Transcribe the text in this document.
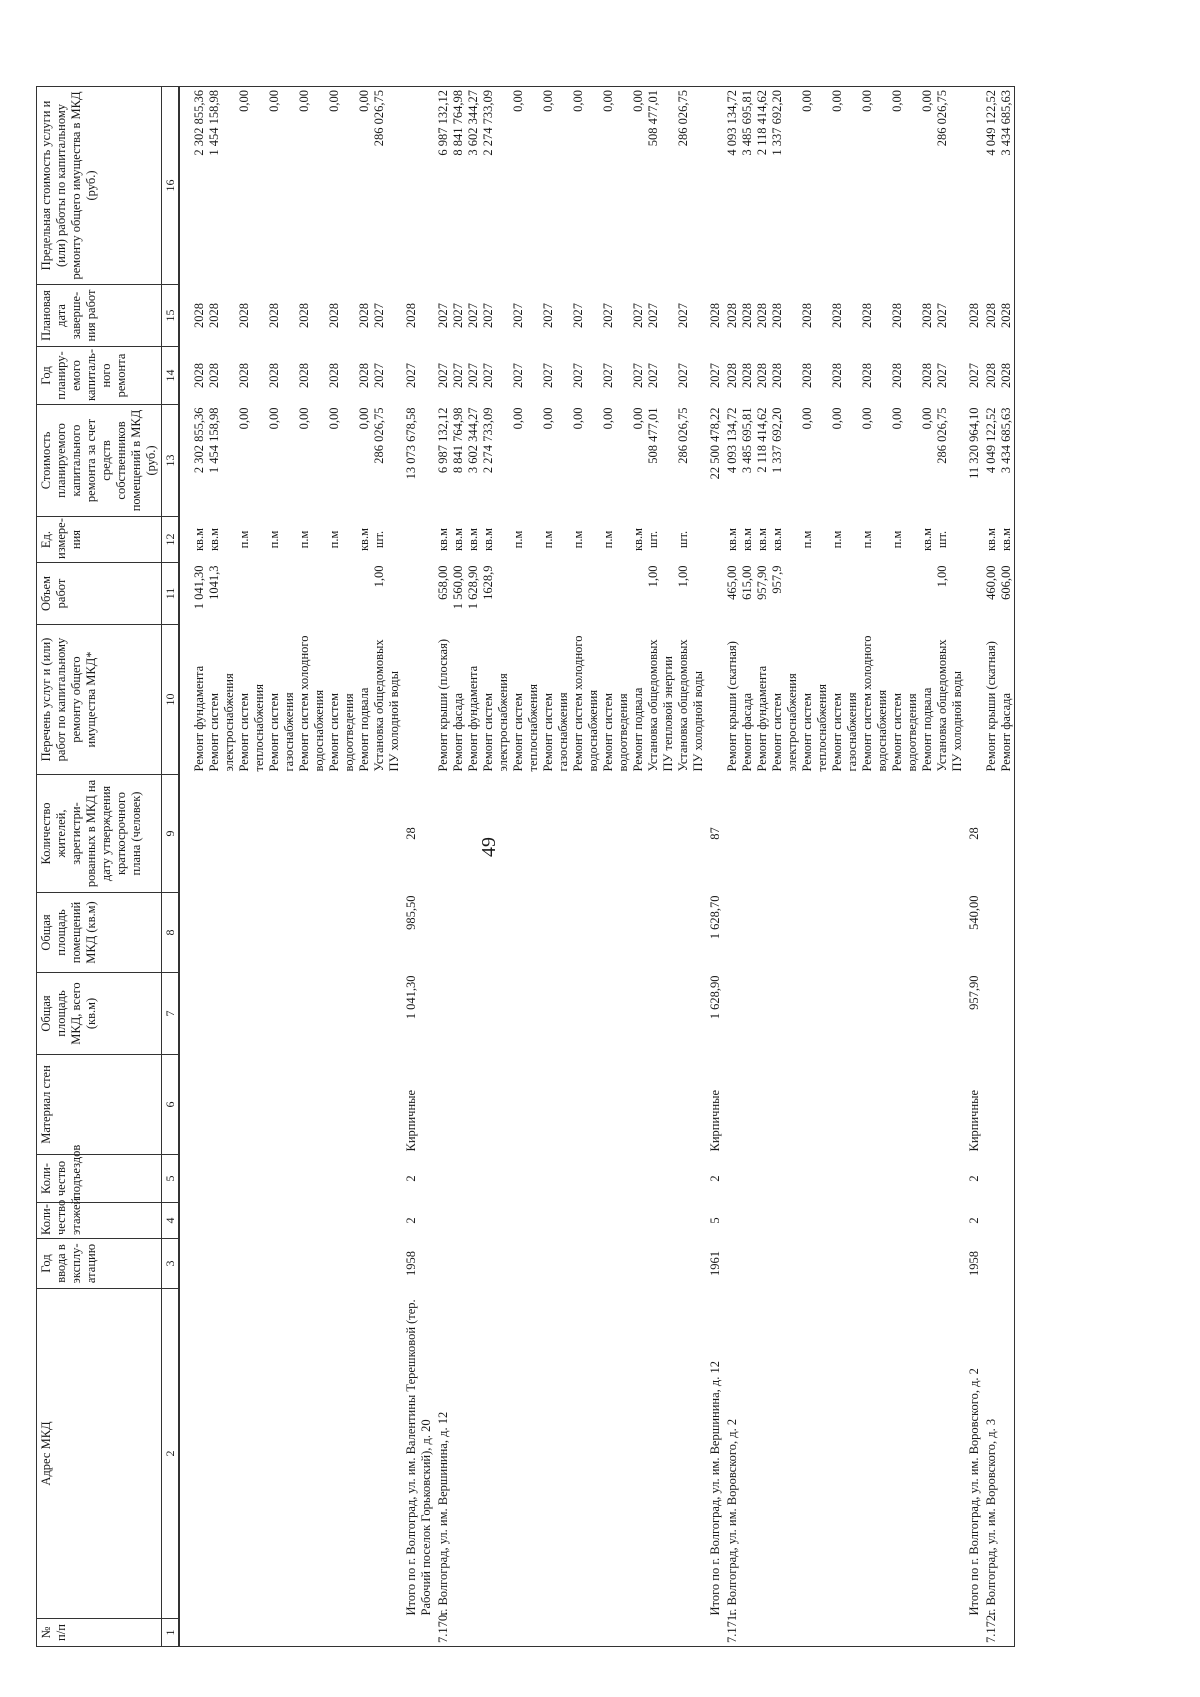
49
№ п/п	Адрес МКД	Год ввода в эксплу-атацию	Коли-чество этажей	Коли-чество подъездов	Материал стен	Общая площадь МКД, всего (кв.м)	Общая площадь помещений МКД (кв.м)	Количество жителей, зарегистри-рованных в МКД на дату утверждения краткосрочного плана (человек)	Перечень услуг и (или) работ по капитальному ремонту общего имущества МКД*	Объем работ	Ед. измере-ния	Стоимость планируемого капитального ремонта за счет средств собственников помещений в МКД (руб.)	Год планиру-емого капиталь-ного ремонта	Плановая дата заверше-ния работ	Предельная стоимость услуги и (или) работы по капитальному ремонту общего имущества в МКД (руб.)
1	2	3	4	5	6	7	8	9	10	11	12	13	14	15	16
									Ремонт фундамента	1 041,30	кв.м	2 302 855,36	2028	2028	2 302 855,36
									Ремонт систем электроснабжения	1041,3	кв.м	1 454 158,98	2028	2028	1 454 158,98
									Ремонт систем теплоснабжения		п.м	0,00	2028	2028	0,00
									Ремонт систем газоснабжения		п.м	0,00	2028	2028	0,00
									Ремонт систем холодного водоснабжения		п.м	0,00	2028	2028	0,00
									Ремонт систем водоотведения		п.м	0,00	2028	2028	0,00
									Ремонт подвала		кв.м	0,00	2028	2028	0,00
									Установка общедомовых ПУ холодной воды	1,00	шт.	286 026,75	2027	2027	286 026,75
	Итого по г. Волгоград, ул. им. Валентины Терешковой (тер. Рабочий поселок Горьковский), д. 20	1958	2	2	Кирпичные	1 041,30	985,50	28				13 073 678,58	2027	2028	
7.170.	г. Волгоград, ул. им. Вершинина, д. 12								Ремонт крыши (плоская)	658,00	кв.м	6 987 132,12	2027	2027	6 987 132,12
									Ремонт фасада	1 560,00	кв.м	8 841 764,98	2027	2027	8 841 764,98
									Ремонт фундамента	1 628,90	кв.м	3 602 344,27	2027	2027	3 602 344,27
									Ремонт систем электроснабжения	1628,9	кв.м	2 274 733,09	2027	2027	2 274 733,09
									Ремонт систем теплоснабжения		п.м	0,00	2027	2027	0,00
									Ремонт систем газоснабжения		п.м	0,00	2027	2027	0,00
									Ремонт систем холодного водоснабжения		п.м	0,00	2027	2027	0,00
									Ремонт систем водоотведения		п.м	0,00	2027	2027	0,00
									Ремонт подвала		кв.м	0,00	2027	2027	0,00
									Установка общедомовых ПУ тепловой энергии	1,00	шт.	508 477,01	2027	2027	508 477,01
									Установка общедомовых ПУ холодной воды	1,00	шт.	286 026,75	2027	2027	286 026,75
	Итого по г. Волгоград, ул. им. Вершинина, д. 12	1961	5	2	Кирпичные	1 628,90	1 628,70	87				22 500 478,22	2027	2028	
7.171.	г. Волгоград, ул. им. Воровского, д. 2								Ремонт крыши (скатная)	465,00	кв.м	4 093 134,72	2028	2028	4 093 134,72
									Ремонт фасада	615,00	кв.м	3 485 695,81	2028	2028	3 485 695,81
									Ремонт фундамента	957,90	кв.м	2 118 414,62	2028	2028	2 118 414,62
									Ремонт систем электроснабжения	957,9	кв.м	1 337 692,20	2028	2028	1 337 692,20
									Ремонт систем теплоснабжения		п.м	0,00	2028	2028	0,00
									Ремонт систем газоснабжения		п.м	0,00	2028	2028	0,00
									Ремонт систем холодного водоснабжения		п.м	0,00	2028	2028	0,00
									Ремонт систем водоотведения		п.м	0,00	2028	2028	0,00
									Ремонт подвала		кв.м	0,00	2028	2028	0,00
									Установка общедомовых ПУ холодной воды	1,00	шт.	286 026,75	2027	2027	286 026,75
	Итого по г. Волгоград, ул. им. Воровского, д. 2	1958	2	2	Кирпичные	957,90	540,00	28				11 320 964,10	2027	2028	
7.172.	г. Волгоград, ул. им. Воровского, д. 3								Ремонт крыши (скатная)	460,00	кв.м	4 049 122,52	2028	2028	4 049 122,52
									Ремонт фасада	606,00	кв.м	3 434 685,63	2028	2028	3 434 685,63
